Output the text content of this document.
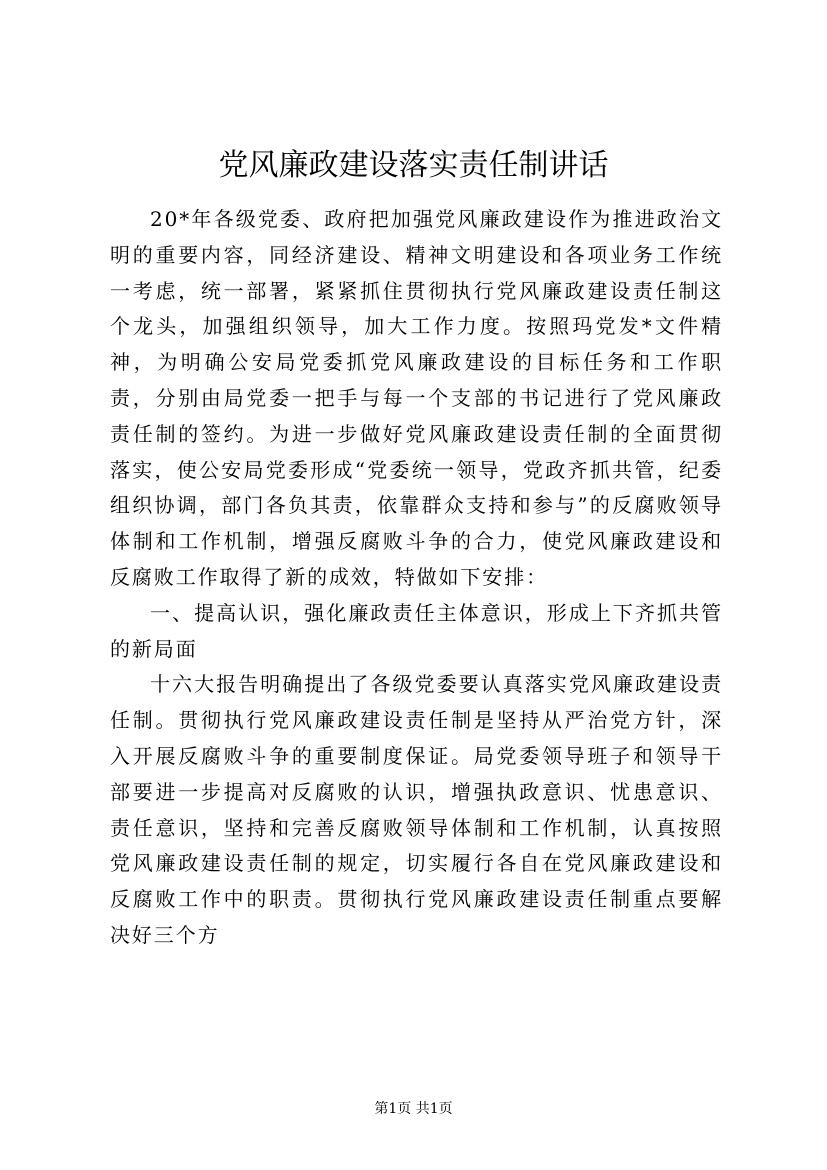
党风廉政建设落实责任制讲话

20*年各级党委、政府把加强党风廉政建设作为推进政治文明的重要内容，同经济建设、精神文明建设和各项业务工作统一考虑，统一部署，紧紧抓住贯彻执行党风廉政建设责任制这个龙头，加强组织领导，加大工作力度。按照玛党发*文件精神，为明确公安局党委抓党风廉政建设的目标任务和工作职责，分别由局党委一把手与每一个支部的书记进行了党风廉政责任制的签约。为进一步做好党风廉政建设责任制的全面贯彻落实，使公安局党委形成“党委统一领导，党政齐抓共管，纪委组织协调，部门各负其责，依靠群众支持和参与”的反腐败领导体制和工作机制，增强反腐败斗争的合力，使党风廉政建设和反腐败工作取得了新的成效，特做如下安排：

一、提高认识，强化廉政责任主体意识，形成上下齐抓共管的新局面

十六大报告明确提出了各级党委要认真落实党风廉政建设责任制。贯彻执行党风廉政建设责任制是坚持从严治党方针，深入开展反腐败斗争的重要制度保证。局党委领导班子和领导干部要进一步提高对反腐败的认识，增强执政意识、忧患意识、责任意识，坚持和完善反腐败领导体制和工作机制，认真按照党风廉政建设责任制的规定，切实履行各自在党风廉政建设和反腐败工作中的职责。贯彻执行党风廉政建设责任制重点要解决好三个方

第1页 共1页
